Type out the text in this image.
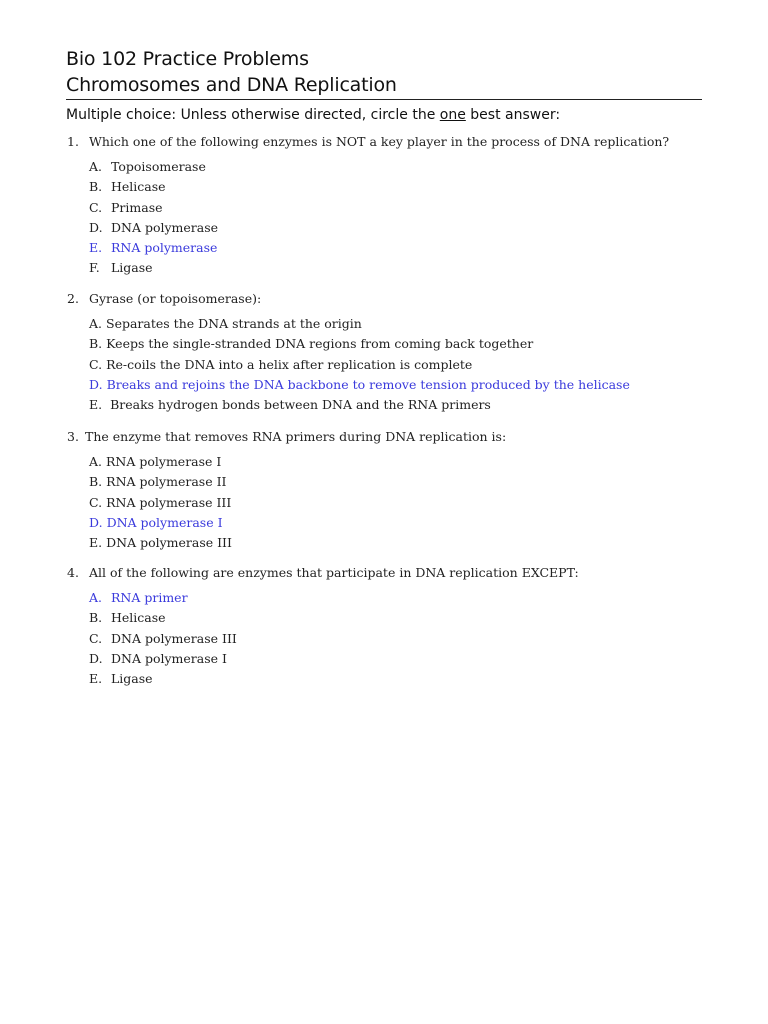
Bio 102 Practice Problems
Chromosomes and DNA Replication
Multiple choice: Unless otherwise directed, circle the one best answer:
1. Which one of the following enzymes is NOT a key player in the process of DNA replication?
A. Topoisomerase
B. Helicase
C. Primase
D. DNA polymerase
E. RNA polymerase
F. Ligase
2. Gyrase (or topoisomerase):
A. Separates the DNA strands at the origin
B. Keeps the single-stranded DNA regions from coming back together
C. Re-coils the DNA into a helix after replication is complete
D. Breaks and rejoins the DNA backbone to remove tension produced by the helicase
E. Breaks hydrogen bonds between DNA and the RNA primers
3. The enzyme that removes RNA primers during DNA replication is:
A. RNA polymerase I
B. RNA polymerase II
C. RNA polymerase III
D. DNA polymerase I
E. DNA polymerase III
4. All of the following are enzymes that participate in DNA replication EXCEPT:
A. RNA primer
B. Helicase
C. DNA polymerase III
D. DNA polymerase I
E. Ligase
